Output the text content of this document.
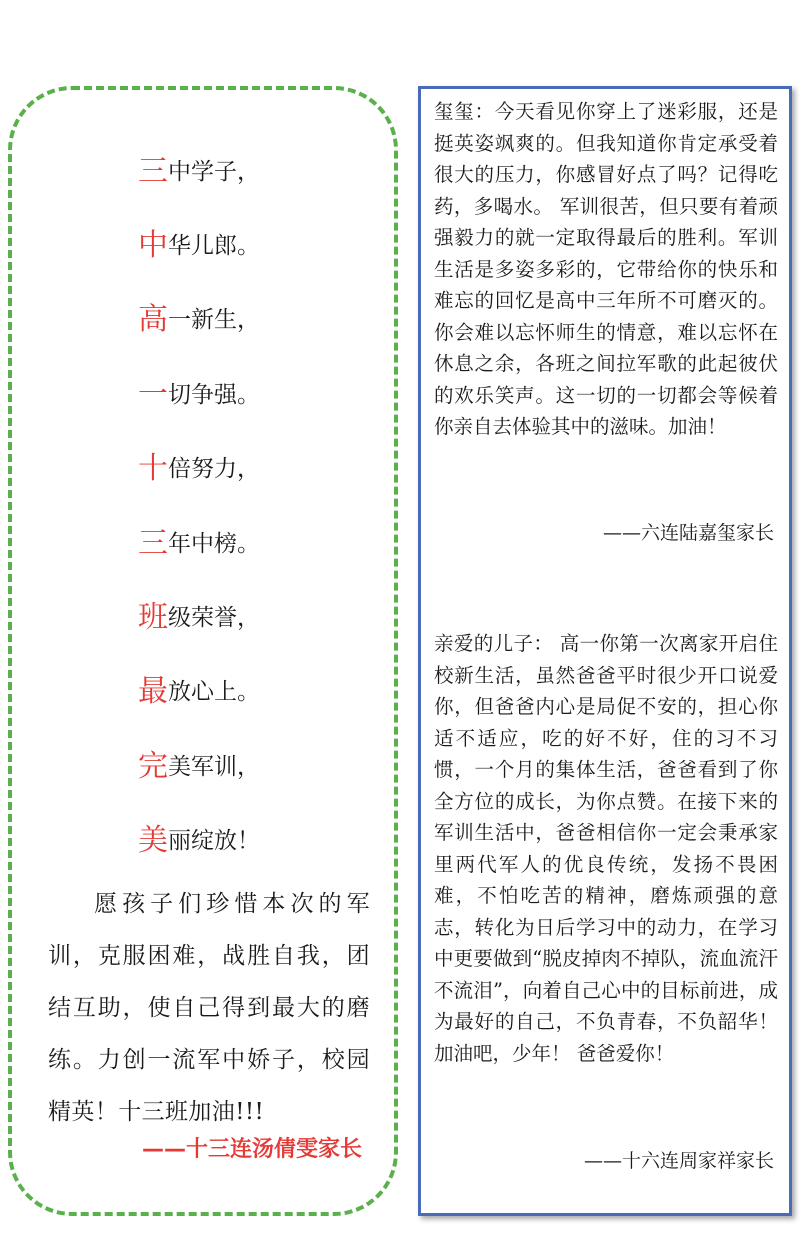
三中学子，
中华儿郎。
高一新生，
一切争强。
十倍努力，
三年中榜。
班级荣誉，
最放心上。
完美军训，
美丽绽放！

愿孩子们珍惜本次的军训，克服困难，战胜自我，团结互助，使自己得到最大的磨练。力创一流军中娇子，校园精英！十三班加油!!!

——十三连汤倩雯家长

玺玺：今天看见你穿上了迷彩服，还是挺英姿飒爽的。但我知道你肯定承受着很大的压力，你感冒好点了吗？记得吃药，多喝水。 军训很苦，但只要有着顽强毅力的就一定取得最后的胜利。军训生活是多姿多彩的，它带给你的快乐和难忘的回忆是高中三年所不可磨灭的。你会难以忘怀师生的情意，难以忘怀在休息之余，各班之间拉军歌的此起彼伏的欢乐笑声。这一切的一切都会等候着你亲自去体验其中的滋味。加油！

——六连陆嘉玺家长

亲爱的儿子： 高一你第一次离家开启住校新生活，虽然爸爸平时很少开口说爱你，但爸爸内心是局促不安的，担心你适不适应，吃的好不好，住的习不习惯，一个月的集体生活，爸爸看到了你全方位的成长，为你点赞。在接下来的军训生活中，爸爸相信你一定会秉承家里两代军人的优良传统，发扬不畏困难，不怕吃苦的精神，磨炼顽强的意志，转化为日后学习中的动力，在学习中更要做到“脱皮掉肉不掉队，流血流汗不流泪”，向着自己心中的目标前进，成为最好的自己，不负青春，不负韶华！加油吧，少年！ 爸爸爱你！

——十六连周家祥家长
